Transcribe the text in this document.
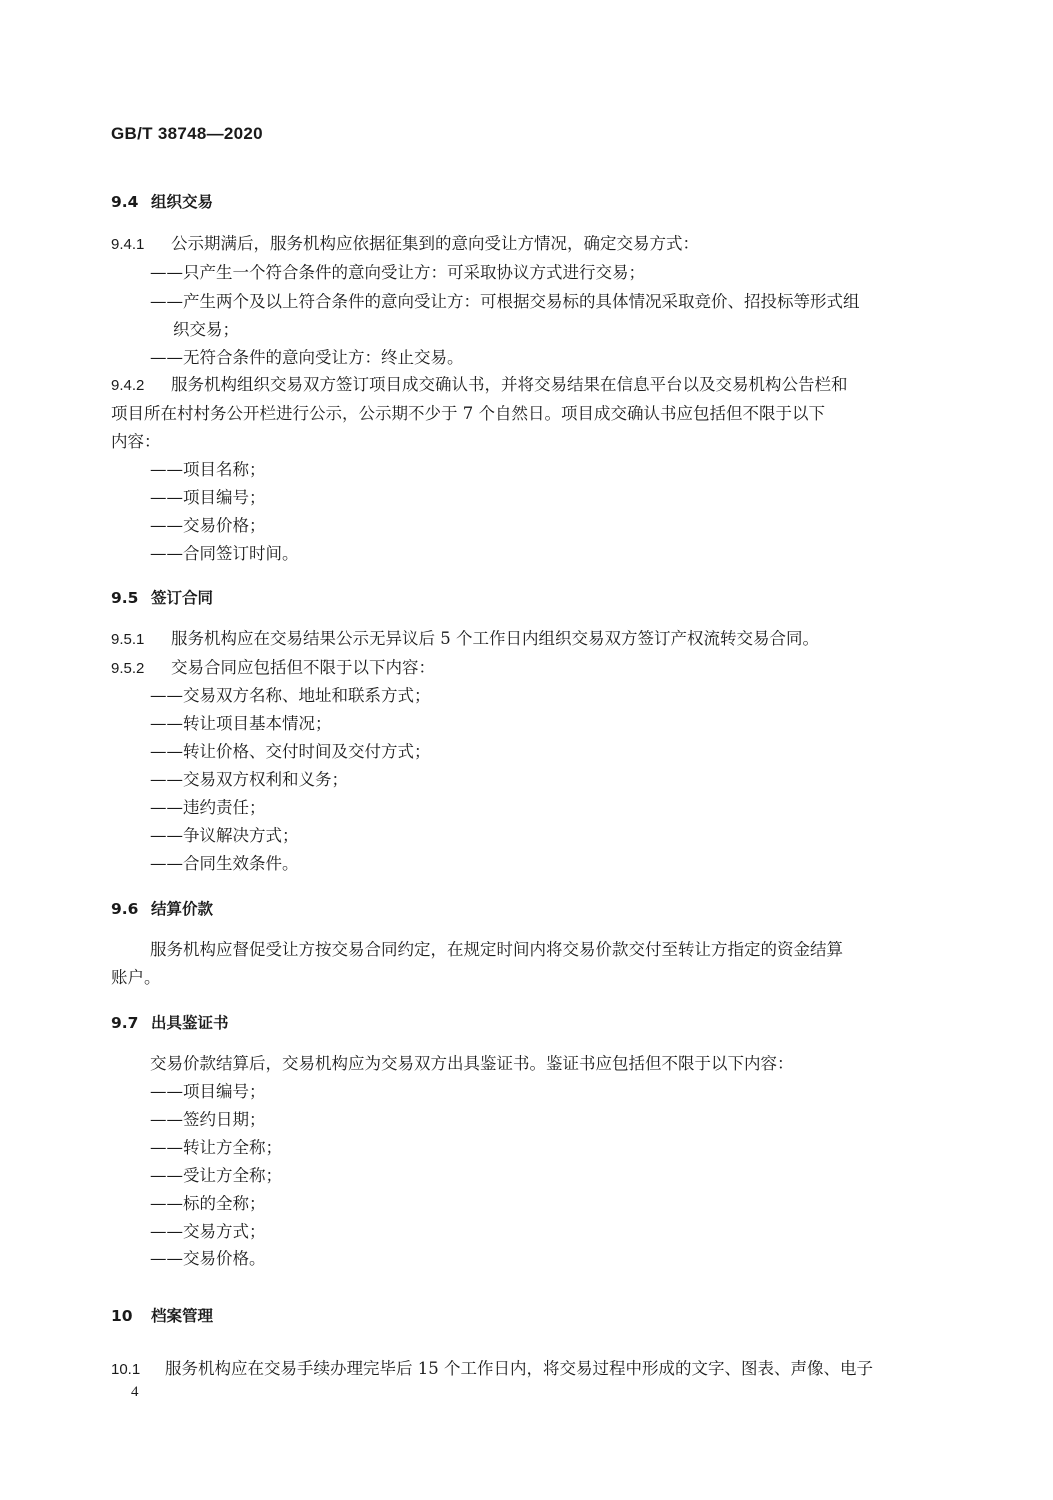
GB/T 38748—2020
9.4 组织交易
9.4.1 公示期满后，服务机构应依据征集到的意向受让方情况，确定交易方式：
——只产生一个符合条件的意向受让方：可采取协议方式进行交易；
——产生两个及以上符合条件的意向受让方：可根据交易标的具体情况采取竞价、招投标等形式组
织交易；
——无符合条件的意向受让方：终止交易。
9.4.2 服务机构组织交易双方签订项目成交确认书，并将交易结果在信息平台以及交易机构公告栏和
项目所在村村务公开栏进行公示，公示期不少于 7 个自然日。项目成交确认书应包括但不限于以下
内容：
——项目名称；
——项目编号；
——交易价格；
——合同签订时间。
9.5 签订合同
9.5.1 服务机构应在交易结果公示无异议后 5 个工作日内组织交易双方签订产权流转交易合同。
9.5.2 交易合同应包括但不限于以下内容：
——交易双方名称、地址和联系方式；
——转让项目基本情况；
——转让价格、交付时间及交付方式；
——交易双方权利和义务；
——违约责任；
——争议解决方式；
——合同生效条件。
9.6 结算价款
服务机构应督促受让方按交易合同约定，在规定时间内将交易价款交付至转让方指定的资金结算
账户。
9.7 出具鉴证书
交易价款结算后，交易机构应为交易双方出具鉴证书。鉴证书应包括但不限于以下内容：
——项目编号；
——签约日期；
——转让方全称；
——受让方全称；
——标的全称；
——交易方式；
——交易价格。
10 档案管理
10.1 服务机构应在交易手续办理完毕后 15 个工作日内，将交易过程中形成的文字、图表、声像、电子
4
